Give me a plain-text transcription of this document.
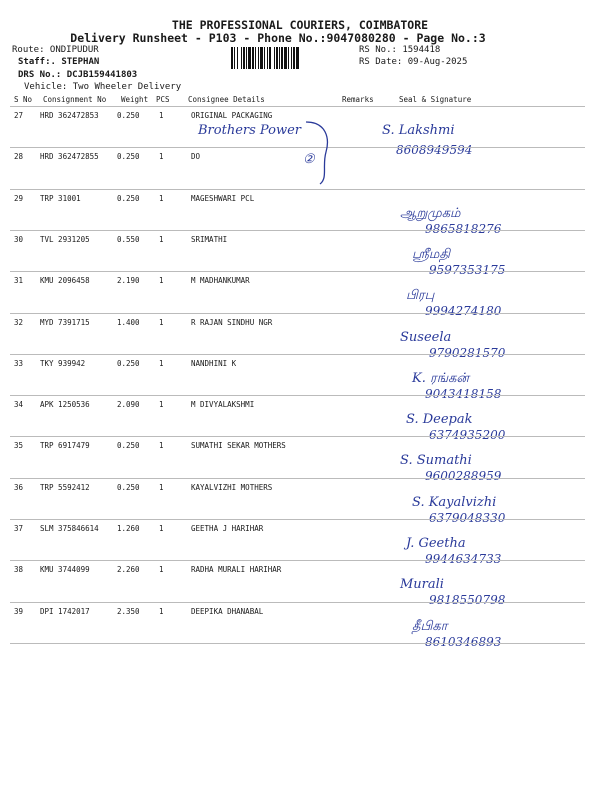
THE PROFESSIONAL COURIERS, COIMBATORE
Delivery Runsheet - P103 - Phone No.:9047080280 - Page No.:3
Route: ONDIPUDUR
Staff:. STEPHAN
DRS No.: DCJB159441803
Vehicle: Two Wheeler Delivery
RS No.: 1594418
RS Date: 09-Aug-2025
S No Consignment No Weight PCS Consignee Details	Remarks	Seal & Signature
27 HRD 362472853 0.250	1	ORIGINAL PACKAGING
Brothers Power	S. Lakshmi
8608949594
28 HRD 362472855 0.250	1	DO	②
29 TRP 31001	0.250	1	MAGESHWARI PCL
ஆறுமுகம்
9865818276
30 TVL 2931205	0.550	1	SRIMATHI
ஸ்ரீமதி
9597353175
31 KMU 2096458	2.190	1	M MADHANKUMAR
பிரபு
9994274180
32 MYD 7391715	1.400	1	R RAJAN SINDHU NGR
Suseela
9790281570
33 TKY 939942	0.250	1	NANDHINI K
K. ரங்கன்
9043418158
34 APK 1250536	2.090	1	M DIVYALAKSHMI
S. Deepak
6374935200
35 TRP 6917479	0.250	1	SUMATHI SEKAR MOTHERS
S. Sumathi
9600288959
36 TRP 5592412	0.250	1	KAYALVIZHI MOTHERS
S. Kayalvizhi
6379048330
37 SLM 375846614 1.260	1	GEETHA J HARIHAR
J. Geetha
9944634733
38 KMU 3744099	2.260	1	RADHA MURALI HARIHAR
Murali
9818550798
39 DPI 1742017	2.350	1	DEEPIKA DHANABAL
தீபிகா
8610346893
